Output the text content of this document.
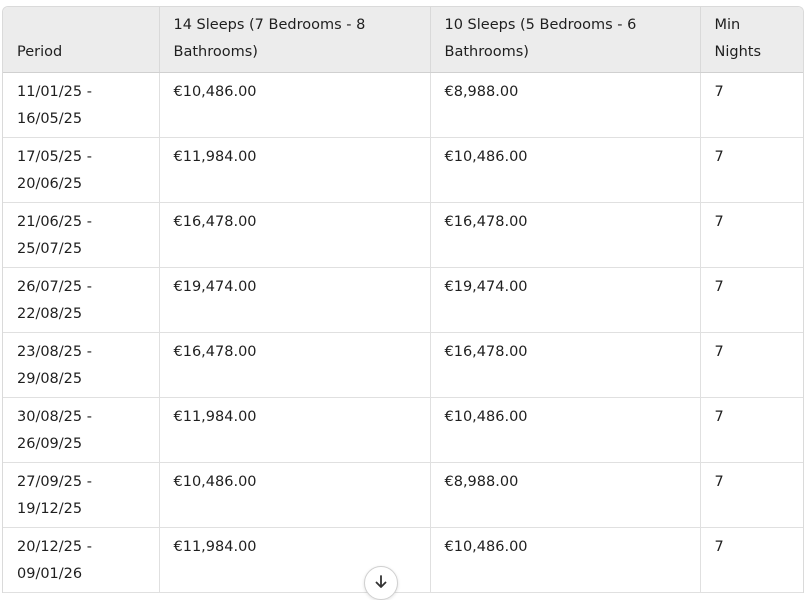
Period	14 Sleeps (7 Bedrooms - 8 Bathrooms)	10 Sleeps (5 Bedrooms - 6 Bathrooms)	Min Nights
11/01/25 - 16/05/25	€10,486.00	€8,988.00	7
17/05/25 - 20/06/25	€11,984.00	€10,486.00	7
21/06/25 - 25/07/25	€16,478.00	€16,478.00	7
26/07/25 - 22/08/25	€19,474.00	€19,474.00	7
23/08/25 - 29/08/25	€16,478.00	€16,478.00	7
30/08/25 - 26/09/25	€11,984.00	€10,486.00	7
27/09/25 - 19/12/25	€10,486.00	€8,988.00	7
20/12/25 - 09/01/26	€11,984.00	€10,486.00	7
